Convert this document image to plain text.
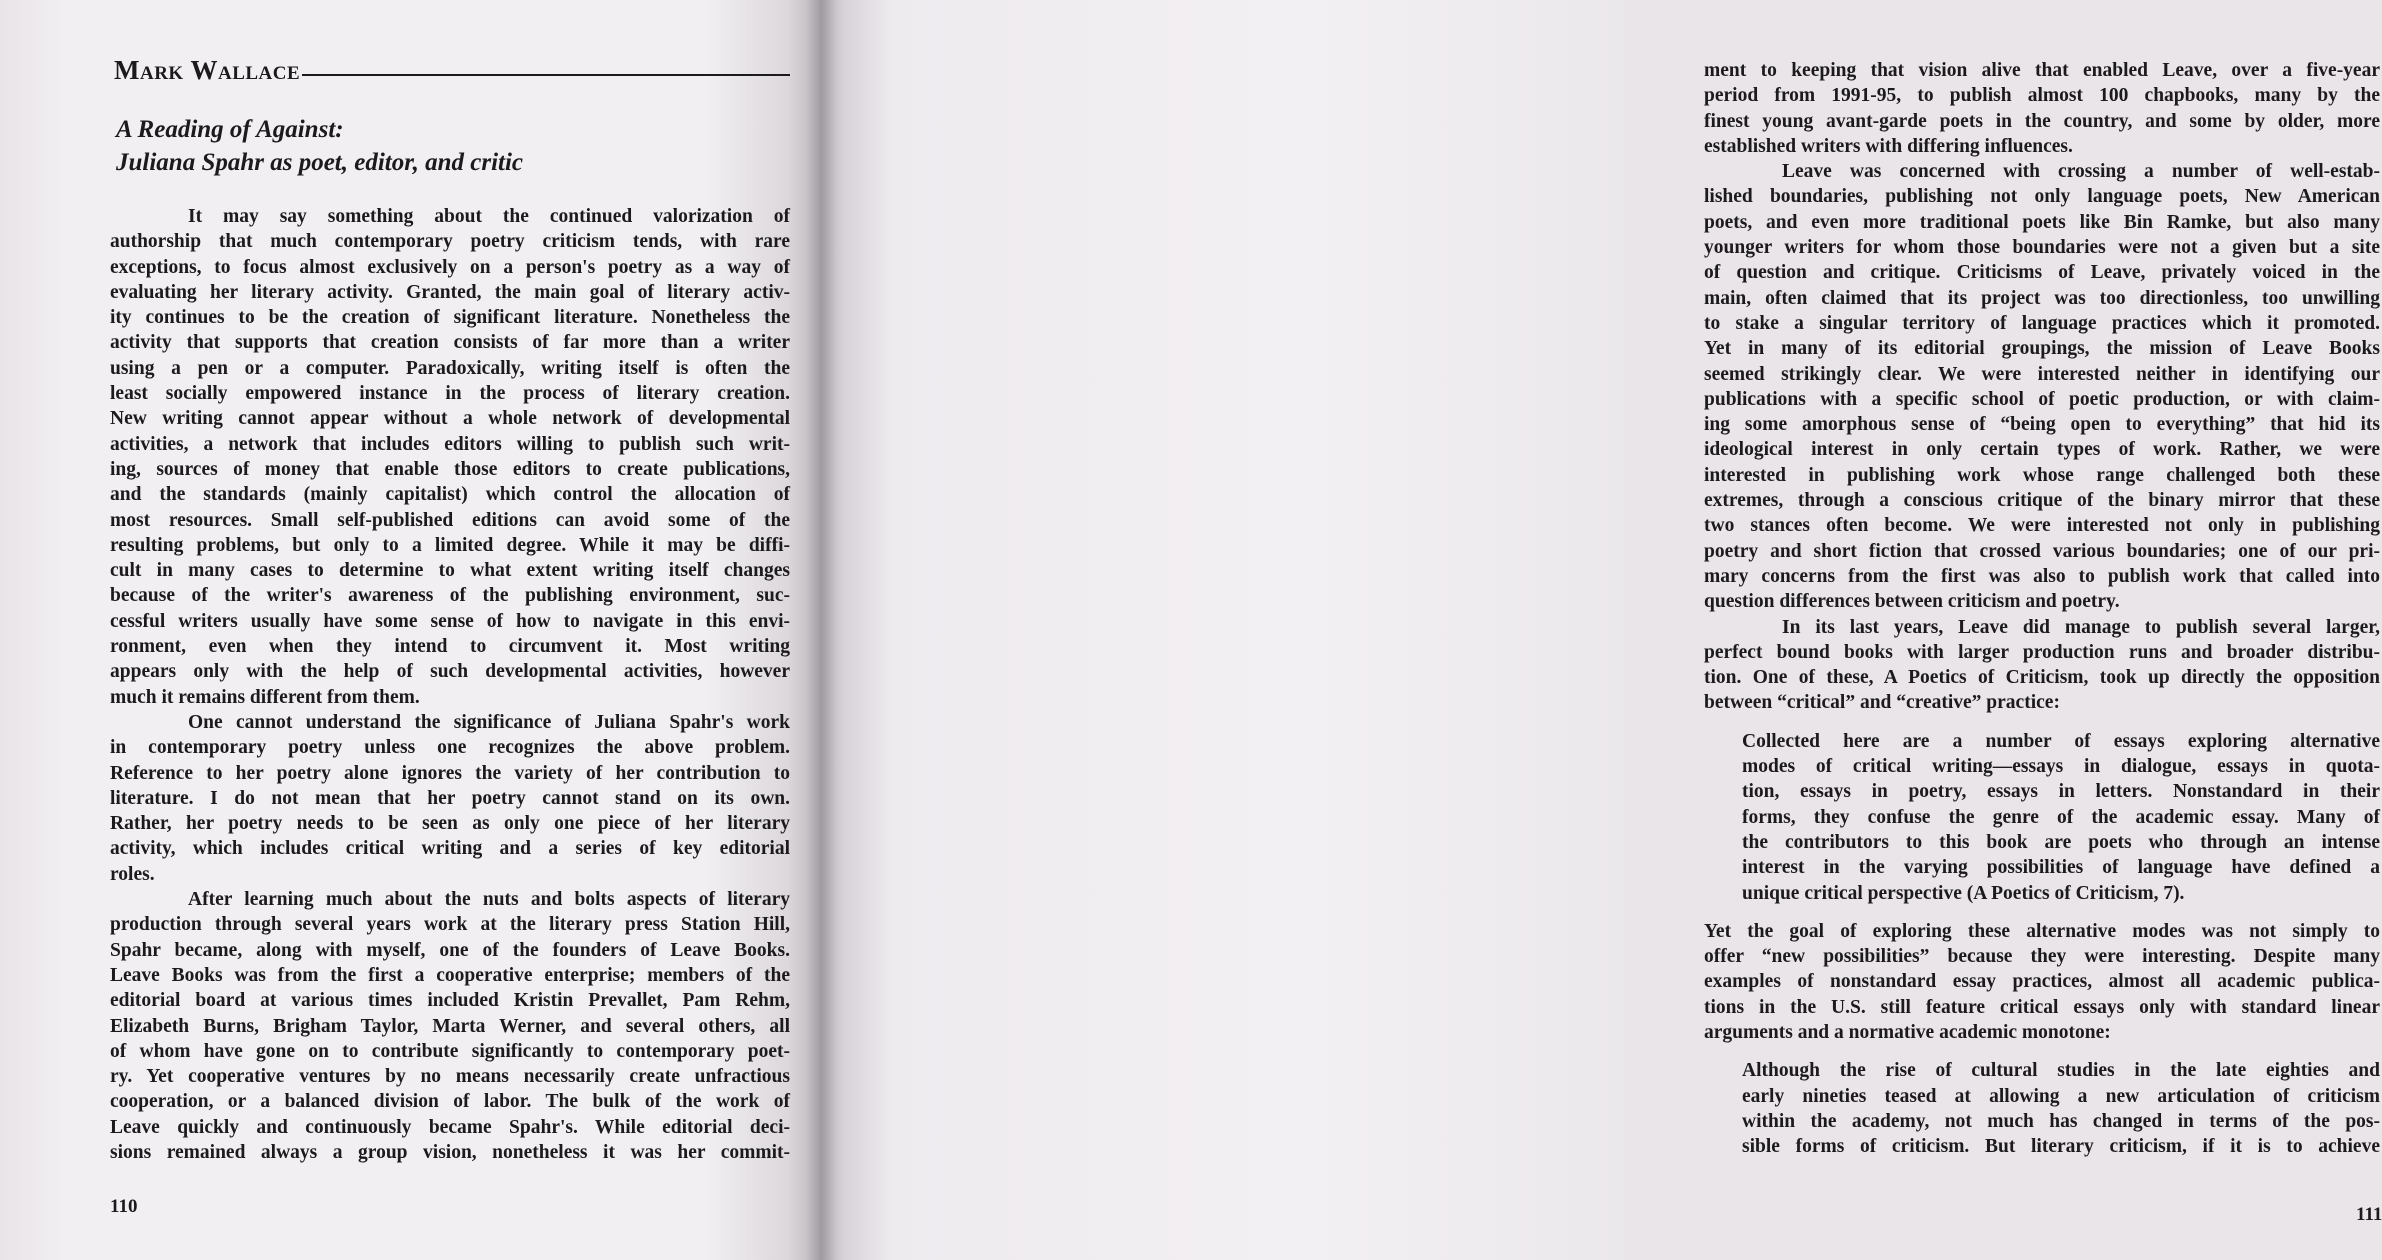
Mark Wallace
A Reading of Against:
Juliana Spahr as poet, editor, and critic
It may say something about the continued valorization of
authorship that much contemporary poetry criticism tends, with rare
exceptions, to focus almost exclusively on a person's poetry as a way of
evaluating her literary activity. Granted, the main goal of literary activ-
ity continues to be the creation of significant literature. Nonetheless the
activity that supports that creation consists of far more than a writer
using a pen or a computer. Paradoxically, writing itself is often the
least socially empowered instance in the process of literary creation.
New writing cannot appear without a whole network of developmental
activities, a network that includes editors willing to publish such writ-
ing, sources of money that enable those editors to create publications,
and the standards (mainly capitalist) which control the allocation of
most resources. Small self-published editions can avoid some of the
resulting problems, but only to a limited degree. While it may be diffi-
cult in many cases to determine to what extent writing itself changes
because of the writer's awareness of the publishing environment, suc-
cessful writers usually have some sense of how to navigate in this envi-
ronment, even when they intend to circumvent it. Most writing
appears only with the help of such developmental activities, however
much it remains different from them.
One cannot understand the significance of Juliana Spahr's work
in contemporary poetry unless one recognizes the above problem.
Reference to her poetry alone ignores the variety of her contribution to
literature. I do not mean that her poetry cannot stand on its own.
Rather, her poetry needs to be seen as only one piece of her literary
activity, which includes critical writing and a series of key editorial
roles.
After learning much about the nuts and bolts aspects of literary
production through several years work at the literary press Station Hill,
Spahr became, along with myself, one of the founders of Leave Books.
Leave Books was from the first a cooperative enterprise; members of the
editorial board at various times included Kristin Prevallet, Pam Rehm,
Elizabeth Burns, Brigham Taylor, Marta Werner, and several others, all
of whom have gone on to contribute significantly to contemporary poet-
ry. Yet cooperative ventures by no means necessarily create unfractious
cooperation, or a balanced division of labor. The bulk of the work of
Leave quickly and continuously became Spahr's. While editorial deci-
sions remained always a group vision, nonetheless it was her commit-
110
ment to keeping that vision alive that enabled Leave, over a five-year
period from 1991-95, to publish almost 100 chapbooks, many by the
finest young avant-garde poets in the country, and some by older, more
established writers with differing influences.
Leave was concerned with crossing a number of well-estab-
lished boundaries, publishing not only language poets, New American
poets, and even more traditional poets like Bin Ramke, but also many
younger writers for whom those boundaries were not a given but a site
of question and critique. Criticisms of Leave, privately voiced in the
main, often claimed that its project was too directionless, too unwilling
to stake a singular territory of language practices which it promoted.
Yet in many of its editorial groupings, the mission of Leave Books
seemed strikingly clear. We were interested neither in identifying our
publications with a specific school of poetic production, or with claim-
ing some amorphous sense of “being open to everything” that hid its
ideological interest in only certain types of work. Rather, we were
interested in publishing work whose range challenged both these
extremes, through a conscious critique of the binary mirror that these
two stances often become. We were interested not only in publishing
poetry and short fiction that crossed various boundaries; one of our pri-
mary concerns from the first was also to publish work that called into
question differences between criticism and poetry.
In its last years, Leave did manage to publish several larger,
perfect bound books with larger production runs and broader distribu-
tion. One of these, A Poetics of Criticism, took up directly the opposition
between “critical” and “creative” practice:
Collected here are a number of essays exploring alternative
modes of critical writing—essays in dialogue, essays in quota-
tion, essays in poetry, essays in letters. Nonstandard in their
forms, they confuse the genre of the academic essay. Many of
the contributors to this book are poets who through an intense
interest in the varying possibilities of language have defined a
unique critical perspective (A Poetics of Criticism, 7).
Yet the goal of exploring these alternative modes was not simply to
offer “new possibilities” because they were interesting. Despite many
examples of nonstandard essay practices, almost all academic publica-
tions in the U.S. still feature critical essays only with standard linear
arguments and a normative academic monotone:
Although the rise of cultural studies in the late eighties and
early nineties teased at allowing a new articulation of criticism
within the academy, not much has changed in terms of the pos-
sible forms of criticism. But literary criticism, if it is to achieve
111
